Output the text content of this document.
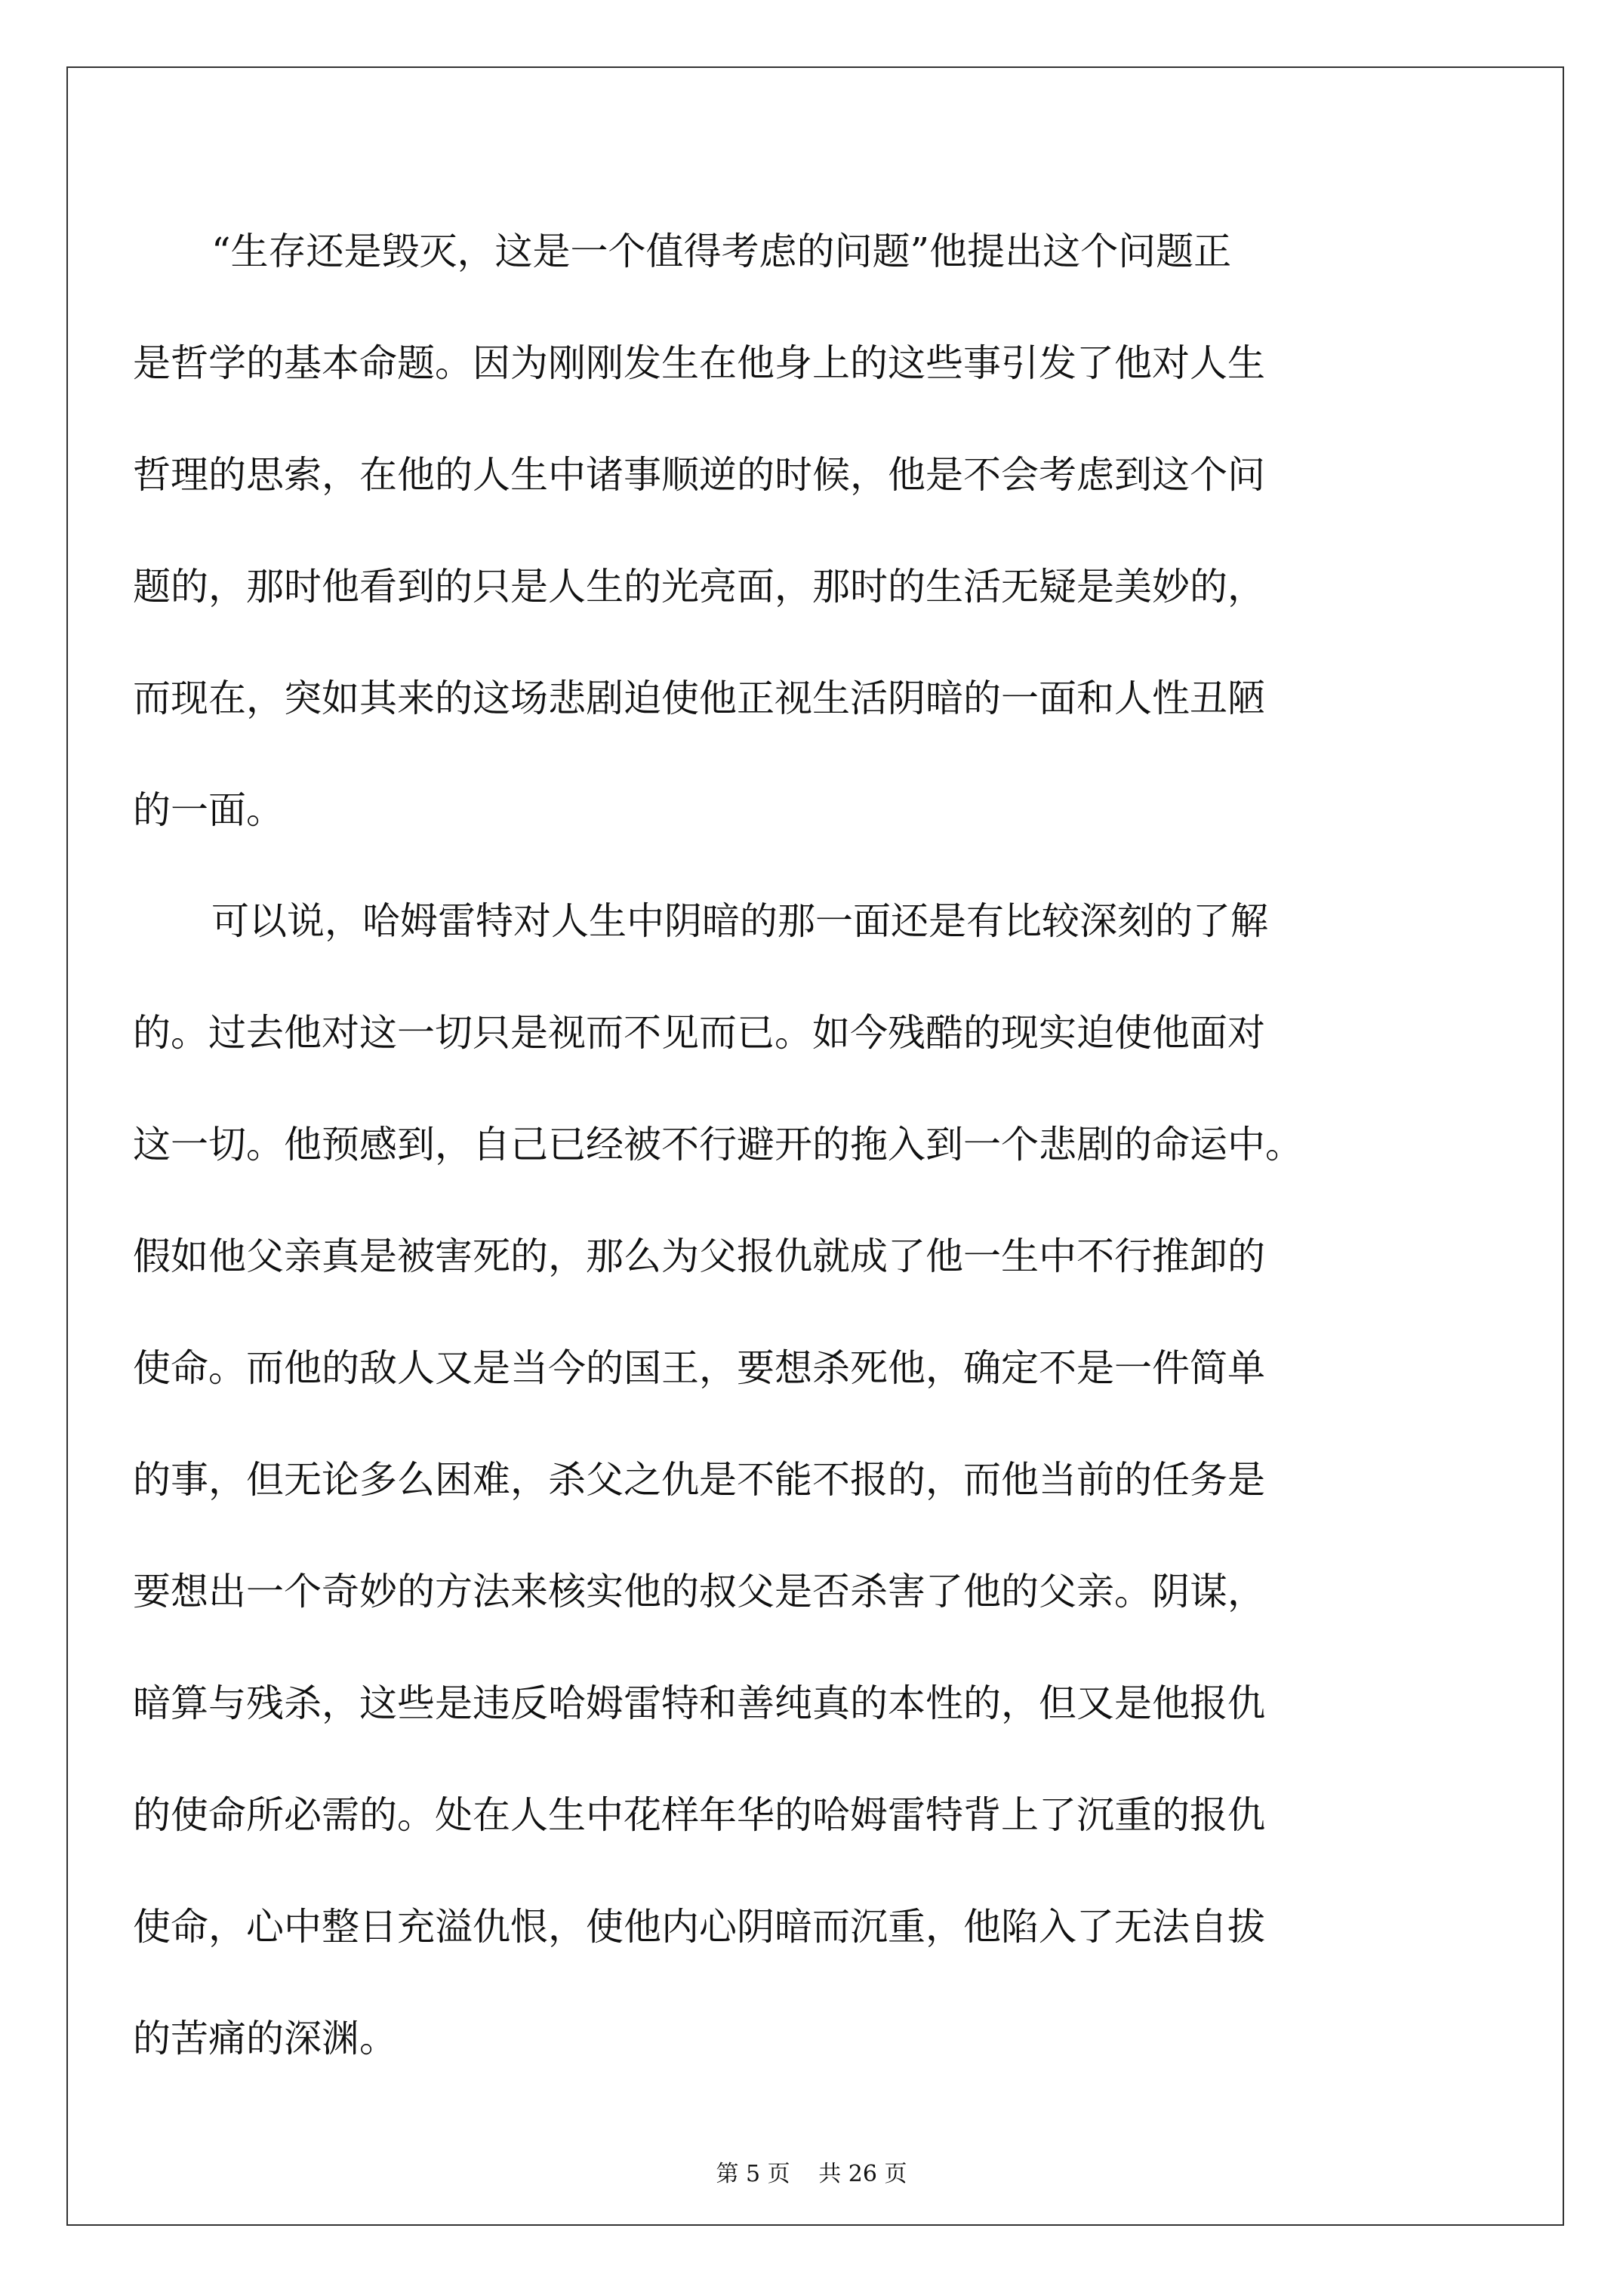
“生存还是毁灭，这是一个值得考虑的问题”他提出这个问题正
是哲学的基本命题。因为刚刚发生在他身上的这些事引发了他对人生
哲理的思索，在他的人生中诸事顺逆的时候，他是不会考虑到这个问
题的，那时他看到的只是人生的光亮面，那时的生活无疑是美妙的，
而现在，突如其来的这场悲剧迫使他正视生活阴暗的一面和人性丑陋
的一面。
可以说，哈姆雷特对人生中阴暗的那一面还是有比较深刻的了解
的。过去他对这一切只是视而不见而已。如今残酷的现实迫使他面对
这一切。他预感到，自己已经被不行避开的拖入到一个悲剧的命运中。
假如他父亲真是被害死的，那么为父报仇就成了他一生中不行推卸的
使命。而他的敌人又是当今的国王，要想杀死他，确定不是一件简单
的事，但无论多么困难，杀父之仇是不能不报的，而他当前的任务是
要想出一个奇妙的方法来核实他的叔父是否杀害了他的父亲。阴谋，
暗算与残杀，这些是违反哈姆雷特和善纯真的本性的，但又是他报仇
的使命所必需的。处在人生中花样年华的哈姆雷特背上了沉重的报仇
使命，心中整日充溢仇恨，使他内心阴暗而沉重，他陷入了无法自拔
的苦痛的深渊。
第 5 页 共 26 页
